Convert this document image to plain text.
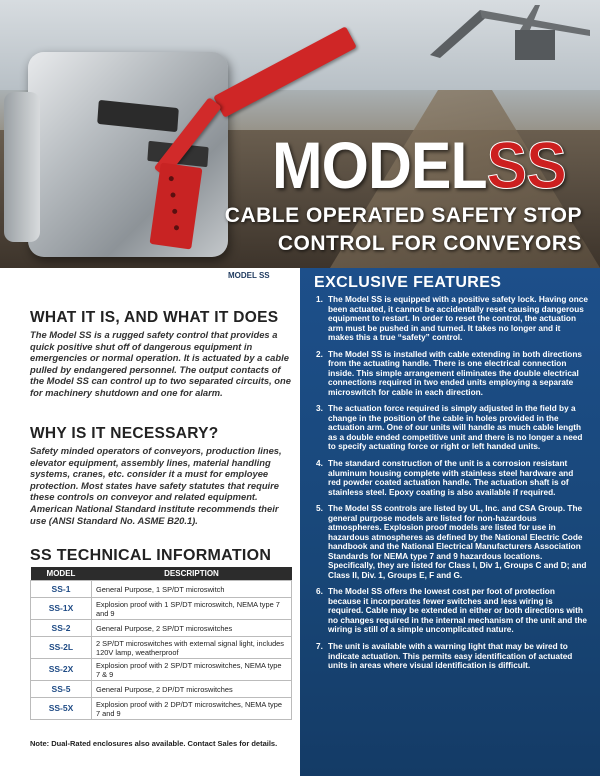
MODELSS
CABLE OPERATED SAFETY STOP
CONTROL FOR CONVEYORS
MODEL SS
WHAT IT IS, AND WHAT IT DOES

The Model SS is a rugged safety control that provides a quick positive shut off of dangerous equipment in emergencies or normal operation. It is actuated by a cable pulled by endangered personnel. The output contacts of the Model SS can control up to two separated circuits, one for machinery shutdown and one for alarm.

WHY IS IT NECESSARY?

Safety minded operators of conveyors, production lines, elevator equipment, assembly lines, material handling systems, cranes, etc. consider it a must for employee protection. Most states have safety statutes that require these controls on conveyor and related equipment. American National Standard institute recommends their use (ANSI Standard No. ASME B20.1).

SS TECHNICAL INFORMATION
MODEL	DESCRIPTION
SS-1	General Purpose, 1 SP/DT microswitch
SS-1X	Explosion proof with 1 SP/DT microswitch, NEMA type 7 and 9
SS-2	General Purpose, 2 SP/DT microswitches
SS-2L	2 SP/DT microswitches with external signal light, includes 120V lamp, weatherproof
SS-2X	Explosion proof with 2 SP/DT microswitches, NEMA type 7 & 9
SS-5	General Purpose, 2 DP/DT microswitches
SS-5X	Explosion proof with 2 DP/DT microswitches, NEMA type 7 and 9
Note: Dual-Rated enclosures also available. Contact Sales for details.
EXCLUSIVE FEATURES
1. The Model SS is equipped with a positive safety lock. Having once been actuated, it cannot be accidentally reset causing dangerous equipment to restart. In order to reset the control, the actuation arm must be pushed in and turned. It takes no longer and it makes this a true “safety” control.
2. The Model SS is installed with cable extending in both directions from the actuating handle. There is one electrical connection inside. This simple arrangement eliminates the double electrical connections required in two ended units employing a separate microswitch for cable in each direction.
3. The actuation force required is simply adjusted in the field by a change in the position of the cable in holes provided in the actuation arm. One of our units will handle as much cable length as a double ended competitive unit and there is no longer a need to specify actuating force or right or left handed units.
4. The standard construction of the unit is a corrosion resistant aluminum housing complete with stainless steel hardware and red powder coated actuation handle. The actuation shaft is of stainless steel. Epoxy coating is also available if required.
5. The Model SS controls are listed by UL, Inc. and CSA Group. The general purpose models are listed for non-hazardous atmospheres. Explosion proof models are listed for use in hazardous atmospheres as defined by the National Electric Code handbook and the National Electrical Manufacturers Association Standards for NEMA type 7 and 9 hazardous locations. Specifically, they are listed for Class I, Div 1, Groups C and D; and Class II, Div. 1, Groups E, F and G.
6. The Model SS offers the lowest cost per foot of protection because it incorporates fewer switches and less wiring is required. Cable may be extended in either or both directions with no changes required in the internal mechanism of the unit and the wiring is still of a simple uncomplicated nature.
7. The unit is available with a warning light that may be wired to indicate actuation. This permits easy identification of actuated units in areas where visual identification is difficult.
